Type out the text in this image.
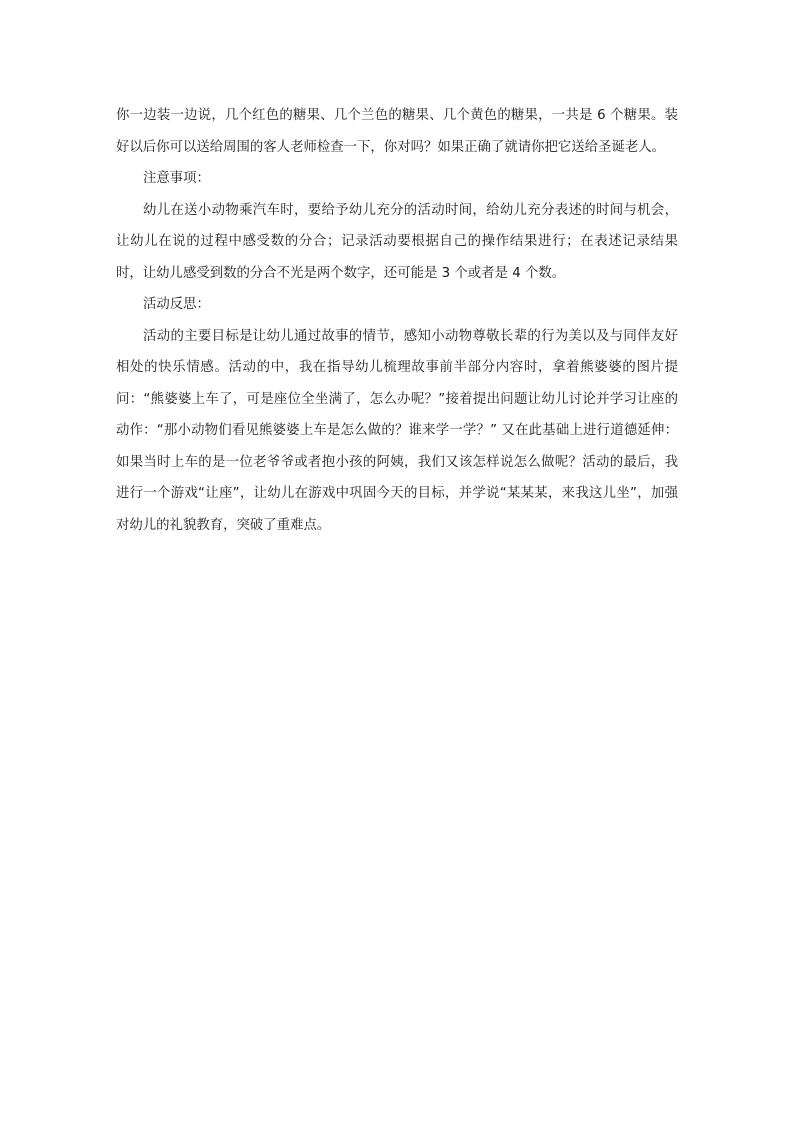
你一边装一边说，几个红色的糖果、几个兰色的糖果、几个黄色的糖果，一共是 6 个糖果。装好以后你可以送给周围的客人老师检查一下，你对吗？如果正确了就请你把它送给圣诞老人。

注意事项：

幼儿在送小动物乘汽车时，要给予幼儿充分的活动时间，给幼儿充分表述的时间与机会，让幼儿在说的过程中感受数的分合；记录活动要根据自己的操作结果进行；在表述记录结果时，让幼儿感受到数的分合不光是两个数字，还可能是 3 个或者是 4 个数。

活动反思：

活动的主要目标是让幼儿通过故事的情节，感知小动物尊敬长辈的行为美以及与同伴友好相处的快乐情感。活动的中，我在指导幼儿梳理故事前半部分内容时，拿着熊婆婆的图片提问：“熊婆婆上车了，可是座位全坐满了，怎么办呢？”接着提出问题让幼儿讨论并学习让座的动作：“那小动物们看见熊婆婆上车是怎么做的？谁来学一学？” 又在此基础上进行道德延伸：如果当时上车的是一位老爷爷或者抱小孩的阿姨，我们又该怎样说怎么做呢？活动的最后，我进行一个游戏“让座”，让幼儿在游戏中巩固今天的目标，并学说“某某某，来我这儿坐”，加强对幼儿的礼貌教育，突破了重难点。
